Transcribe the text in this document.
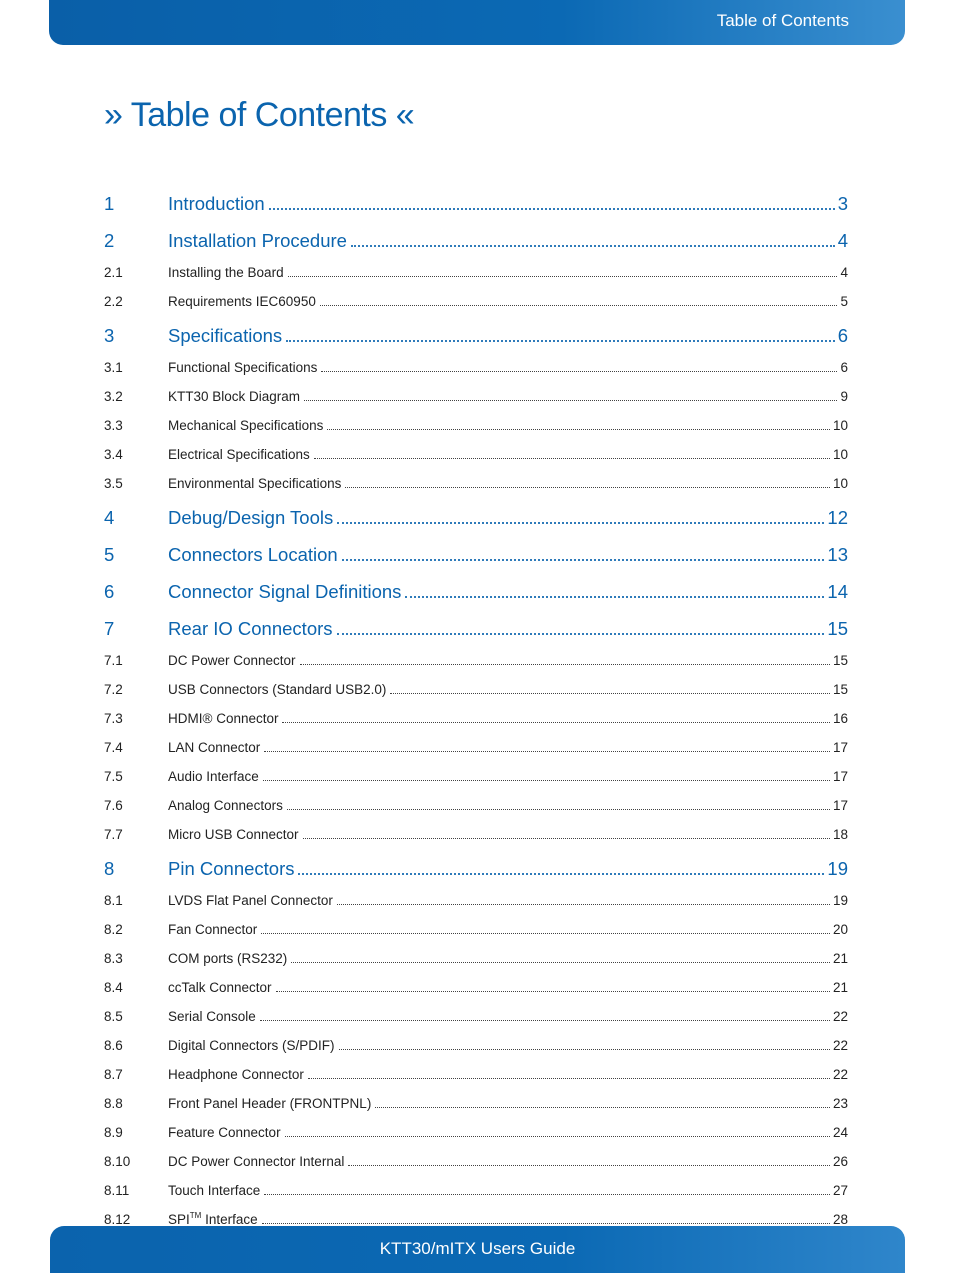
Table of Contents
» Table of Contents «
1	Introduction	3
2	Installation Procedure	4
2.1	Installing the Board	4
2.2	Requirements IEC60950	5
3	Specifications	6
3.1	Functional Specifications	6
3.2	KTT30 Block Diagram	9
3.3	Mechanical Specifications	10
3.4	Electrical Specifications	10
3.5	Environmental Specifications	10
4	Debug/Design Tools	12
5	Connectors Location	13
6	Connector Signal Definitions	14
7	Rear IO Connectors	15
7.1	DC Power Connector	15
7.2	USB Connectors (Standard USB2.0)	15
7.3	HDMI® Connector	16
7.4	LAN Connector	17
7.5	Audio Interface	17
7.6	Analog Connectors	17
7.7	Micro USB Connector	18
8	Pin Connectors	19
8.1	LVDS Flat Panel Connector	19
8.2	Fan Connector	20
8.3	COM ports (RS232)	21
8.4	ccTalk Connector	21
8.5	Serial Console	22
8.6	Digital Connectors (S/PDIF)	22
8.7	Headphone Connector	22
8.8	Front Panel Header (FRONTPNL)	23
8.9	Feature Connector	24
8.10	DC Power Connector Internal	26
8.11	Touch Interface	27
8.12	SPI™ Interface	28
KTT30/mITX Users Guide
